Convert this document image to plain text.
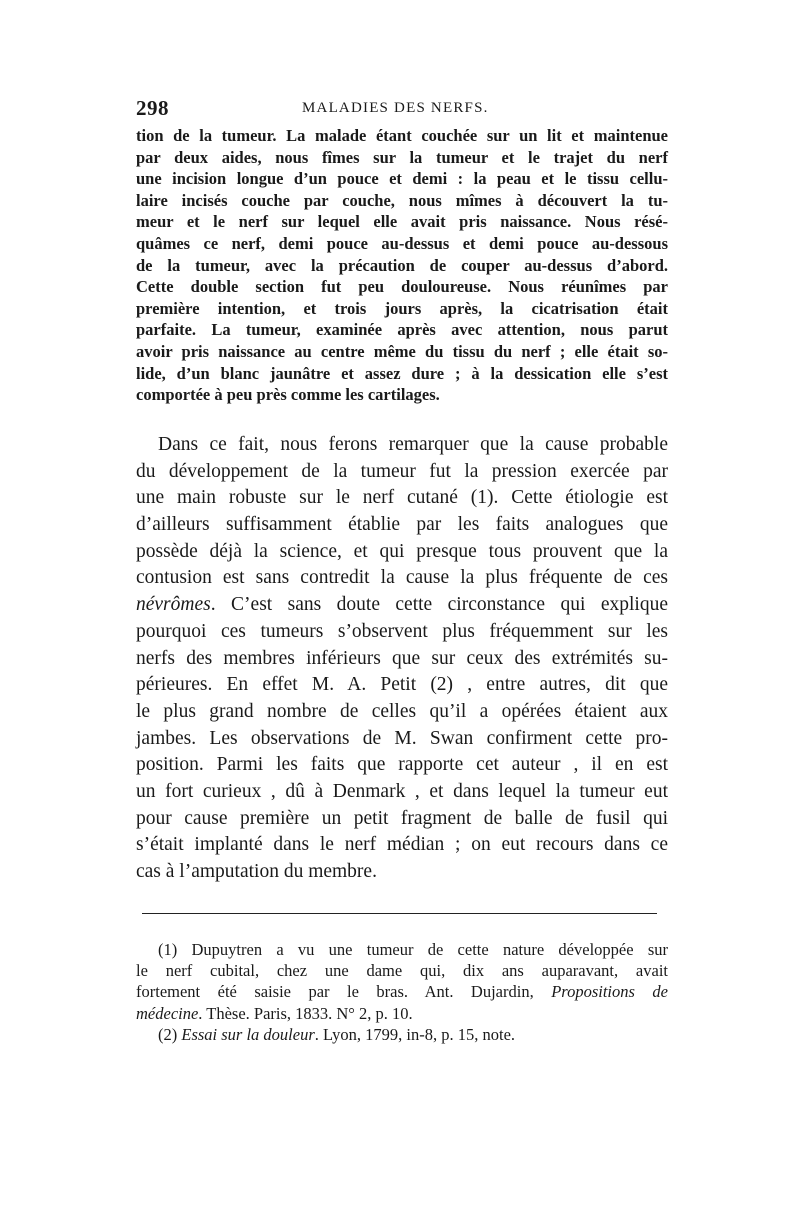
298	MALADIES DES NERFS.
tion de la tumeur. La malade étant couchée sur un lit et maintenue
par deux aides, nous fîmes sur la tumeur et le trajet du nerf
une incision longue d’un pouce et demi : la peau et le tissu cellu-
laire incisés couche par couche, nous mîmes à découvert la tu-
meur et le nerf sur lequel elle avait pris naissance. Nous résé-
quâmes ce nerf, demi pouce au-dessus et demi pouce au-dessous
de la tumeur, avec la précaution de couper au-dessus d’abord.
Cette double section fut peu douloureuse. Nous réunîmes par
première intention, et trois jours après, la cicatrisation était
parfaite. La tumeur, examinée après avec attention, nous parut
avoir pris naissance au centre même du tissu du nerf ; elle était so-
lide, d’un blanc jaunâtre et assez dure ; à la dessication elle s’est
comportée à peu près comme les cartilages.
Dans ce fait, nous ferons remarquer que la cause probable
du développement de la tumeur fut la pression exercée par
une main robuste sur le nerf cutané (1). Cette étiologie est
d’ailleurs suffisamment établie par les faits analogues que
possède déjà la science, et qui presque tous prouvent que la
contusion est sans contredit la cause la plus fréquente de ces
névrômes. C’est sans doute cette circonstance qui explique
pourquoi ces tumeurs s’observent plus fréquemment sur les
nerfs des membres inférieurs que sur ceux des extrémités su-
périeures. En effet M. A. Petit (2) , entre autres, dit que
le plus grand nombre de celles qu’il a opérées étaient aux
jambes. Les observations de M. Swan confirment cette pro-
position. Parmi les faits que rapporte cet auteur , il en est
un fort curieux , dû à Denmark , et dans lequel la tumeur eut
pour cause première un petit fragment de balle de fusil qui
s’était implanté dans le nerf médian ; on eut recours dans ce
cas à l’amputation du membre.
(1) Dupuytren a vu une tumeur de cette nature développée sur
le nerf cubital, chez une dame qui, dix ans auparavant, avait
fortement été saisie par le bras. Ant. Dujardin, Propositions de
médecine. Thèse. Paris, 1833. N° 2, p. 10.
(2) Essai sur la douleur. Lyon, 1799, in-8, p. 15, note.
